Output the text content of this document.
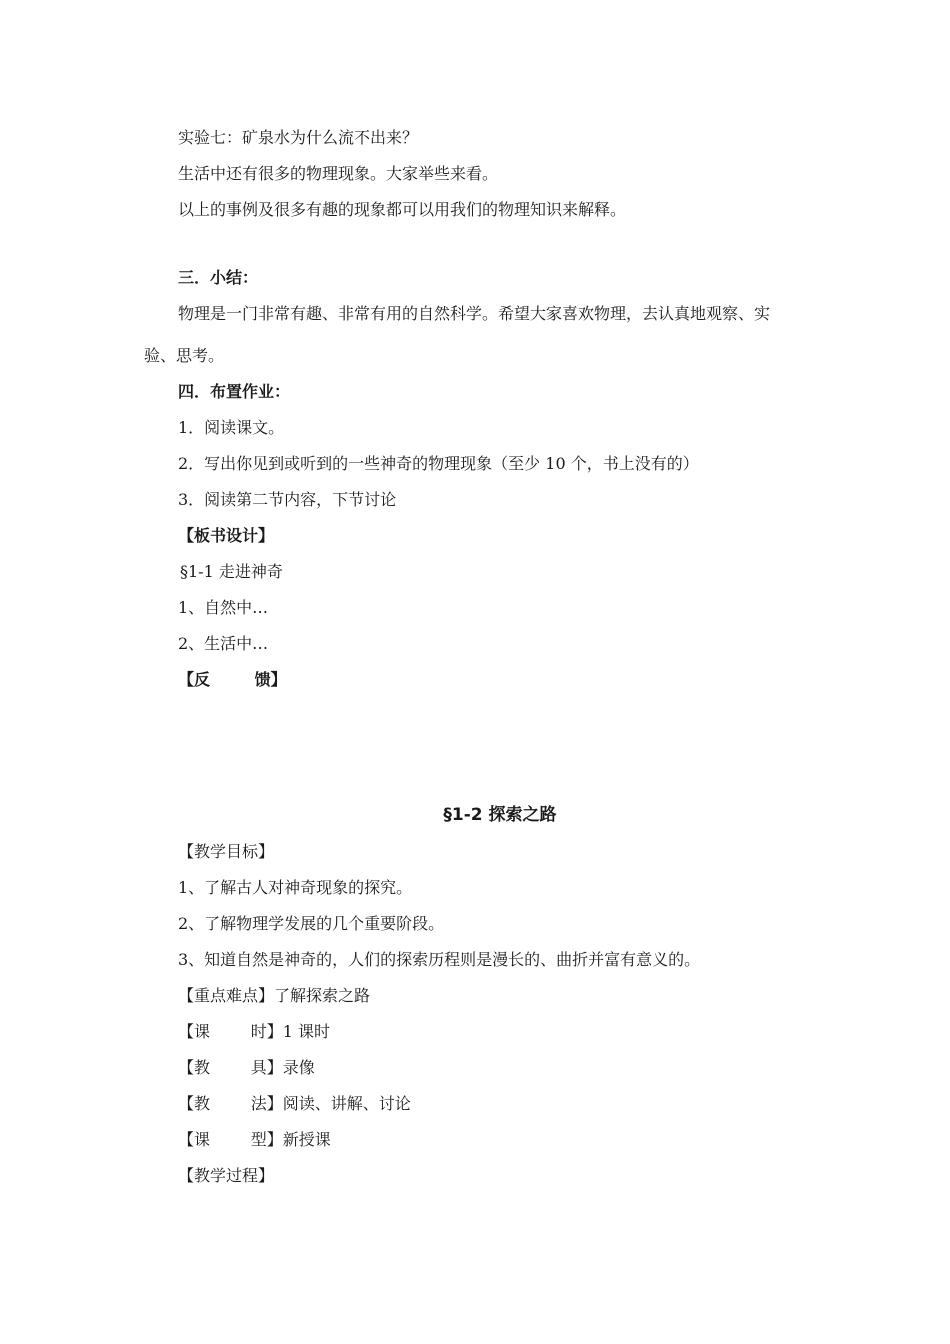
实验七：矿泉水为什么流不出来？
生活中还有很多的物理现象。大家举些来看。
以上的事例及很多有趣的现象都可以用我们的物理知识来解释。
三．小结：
物理是一门非常有趣、非常有用的自然科学。希望大家喜欢物理，去认真地观察、实
验、思考。
四．布置作业：
1．阅读课文。
2．写出你见到或听到的一些神奇的物理现象（至少 10 个，书上没有的）
3．阅读第二节内容，下节讨论
【板书设计】
§1-1 走进神奇
1、自然中…
2、生活中…
【反        馈】
§1-2 探索之路
【教学目标】
1、了解古人对神奇现象的探究。
2、了解物理学发展的几个重要阶段。
3、知道自然是神奇的，人们的探索历程则是漫长的、曲折并富有意义的。
【重点难点】了解探索之路
【课        时】1 课时
【教        具】录像
【教        法】阅读、讲解、讨论
【课        型】新授课
【教学过程】
